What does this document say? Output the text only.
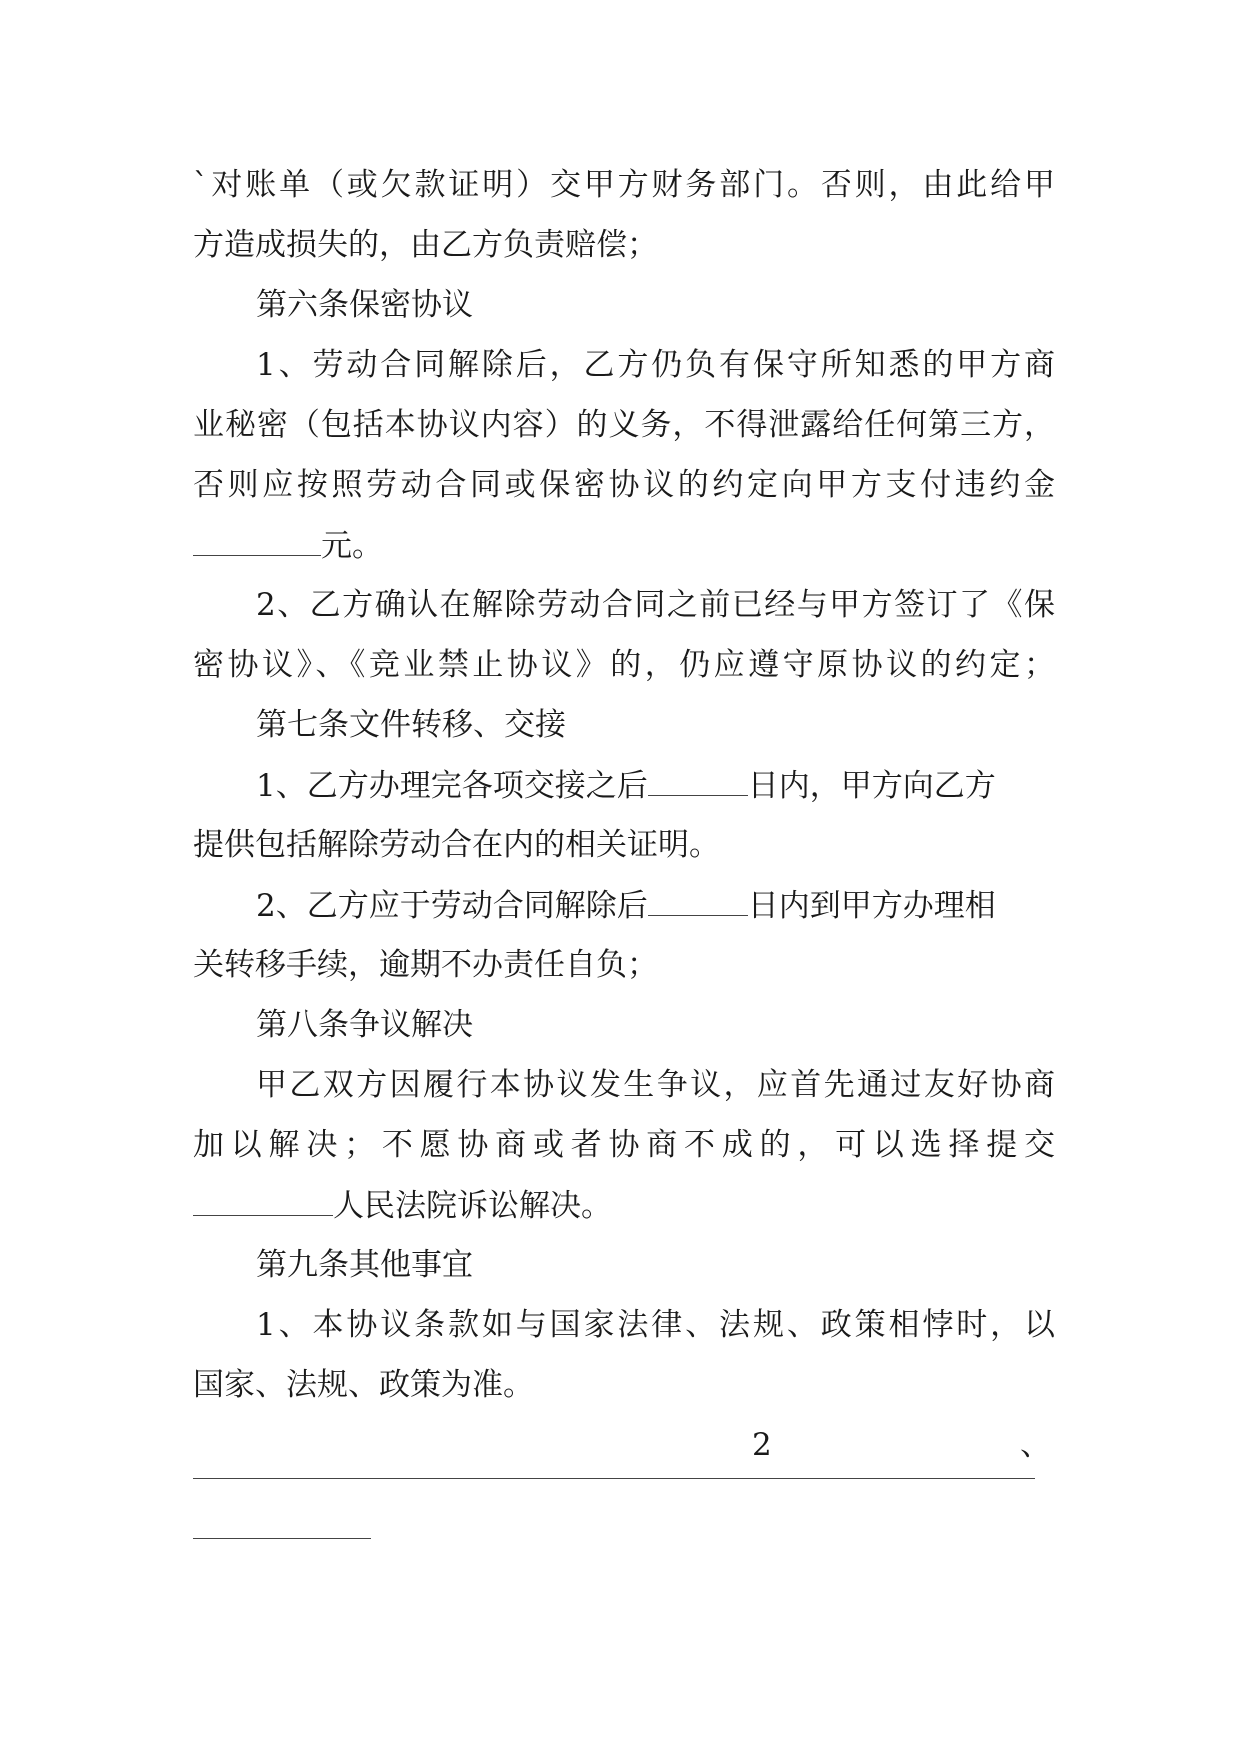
`对账单（或欠款证明）交甲方财务部门。否则，由此给甲
方造成损失的，由乙方负责赔偿；
第六条保密协议
1、劳动合同解除后，乙方仍负有保守所知悉的甲方商
业秘密（包括本协议内容）的义务，不得泄露给任何第三方，
否则应按照劳动合同或保密协议的约定向甲方支付违约金
元。
2、乙方确认在解除劳动合同之前已经与甲方签订了《保
密协议》、《竞业禁止协议》的，仍应遵守原协议的约定；
第七条文件转移、交接
1、乙方办理完各项交接之后	日内，甲方向乙方
提供包括解除劳动合在内的相关证明。
2、乙方应于劳动合同解除后	日内到甲方办理相
关转移手续，逾期不办责任自负；
第八条争议解决
甲乙双方因履行本协议发生争议，应首先通过友好协商
加以解决；不愿协商或者协商不成的，可以选择提交
人民法院诉讼解决。
第九条其他事宜
1、本协议条款如与国家法律、法规、政策相悖时，以
国家、法规、政策为准。
2	、
